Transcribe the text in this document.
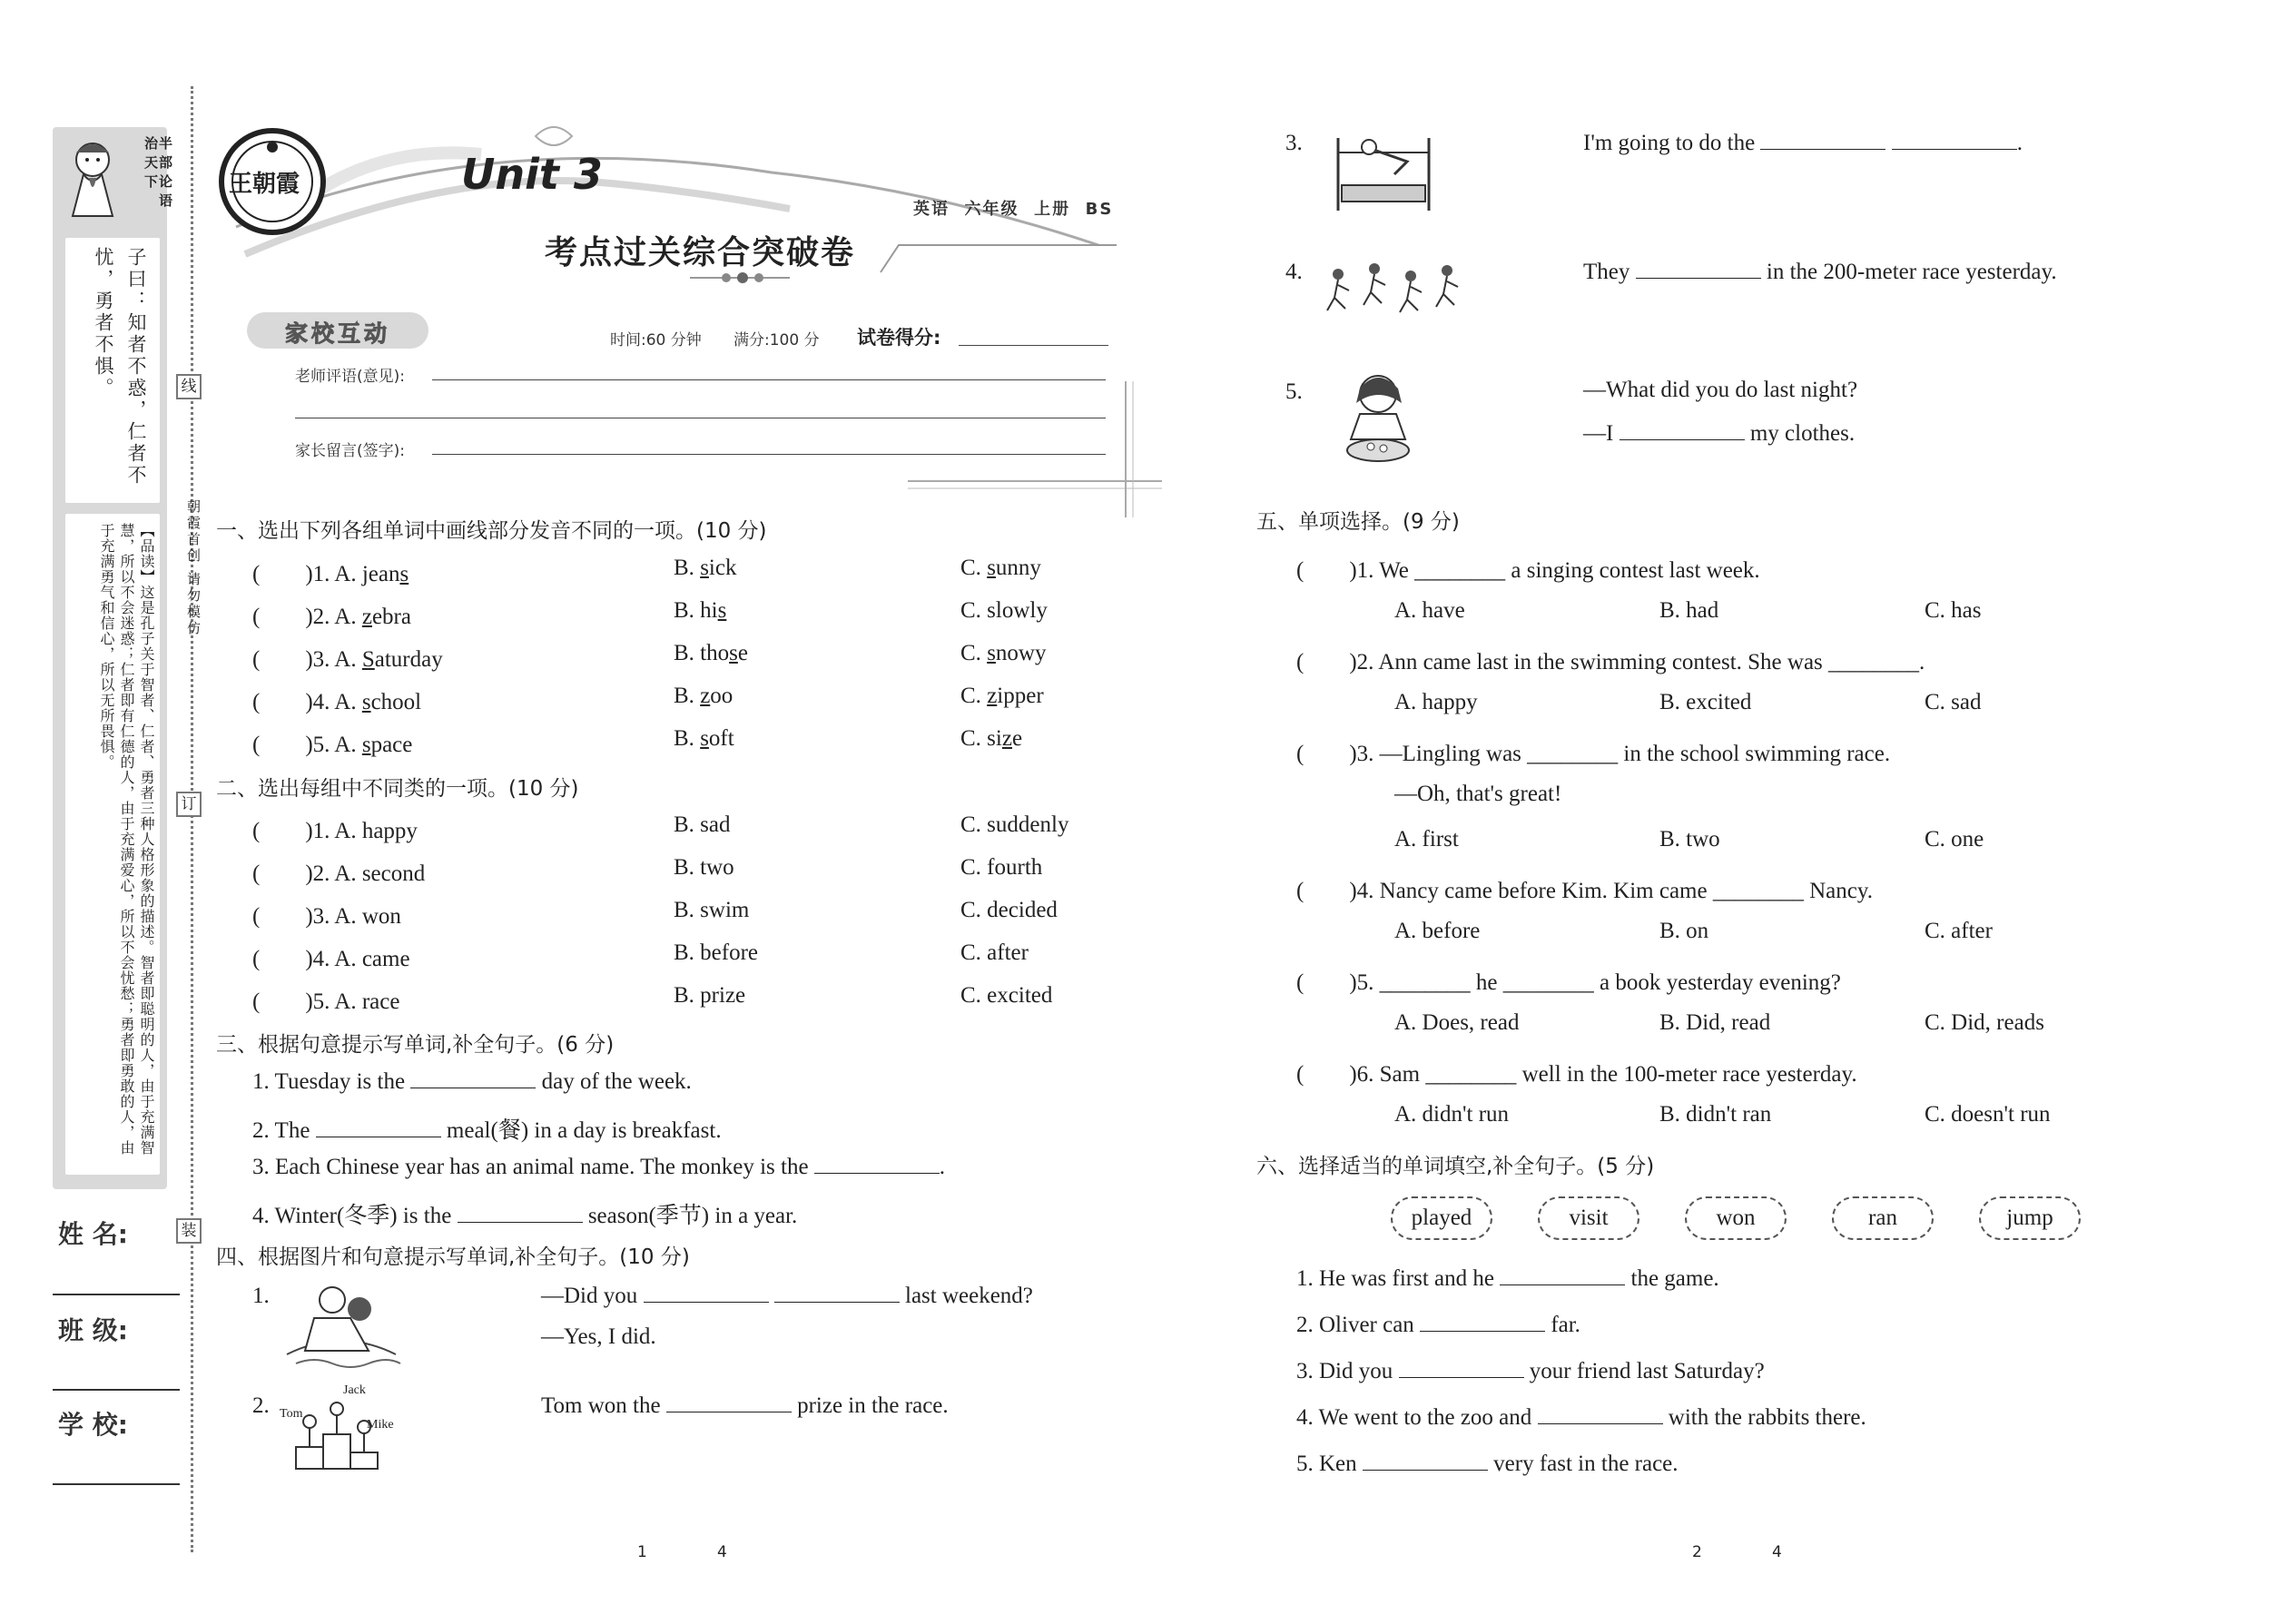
半部论语治天下
子曰：知者不惑，仁者不忧，勇者不惧。
【品读】这是孔子关于智者、仁者、勇者三种人格形象的描述。智者即聪明的人，由于充满智慧，所以不会迷惑；仁者即有仁德的人，由于充满爱心，所以不会忧愁；勇者即勇敢的人，由于充满勇气和信心，所以无所畏惧。
线
订
装
朝霞首创 请勿模仿
姓 名:
班 级:
学 校:
王朝霞	Unit 3
考点过关综合突破卷
英语  六年级  上册  BS
家校互动	时间:60 分钟 满分:100 分 试卷得分:
老师评语(意见):
家长留言(签字):
一、选出下列各组单词中画线部分发音不同的一项。(10 分)
(　　)1. A. jeans	B. sick	C. sunny
(　　)2. A. zebra	B. his	C. slowly
(　　)3. A. Saturday	B. those	C. snowy
(　　)4. A. school	B. zoo	C. zipper
(　　)5. A. space	B. soft	C. size
二、选出每组中不同类的一项。(10 分)
(　　)1. A. happy	B. sad	C. suddenly
(　　)2. A. second	B. two	C. fourth
(　　)3. A. won	B. swim	C. decided
(　　)4. A. came	B. before	C. after
(　　)5. A. race	B. prize	C. excited
三、根据句意提示写单词,补全句子。(6 分)
1. Tuesday is the	day of the week.
2. The	meal(餐) in a day is breakfast.
3. Each Chinese year has an animal name. The monkey is the	.
4. Winter(冬季) is the	season(季节) in a year.
四、根据图片和句意提示写单词,补全句子。(10 分)
1.	—Did you	last weekend?
—Yes, I did.
2. Tom
Jack
Mike
Tom won the	prize in the race.
3.	I'm going to do the	.
4.	They	in the 200-meter race yesterday.
5.	—What did you do last night?
—I	my clothes.
五、单项选择。(9 分)
(　　)1. We ________ a singing contest last week.
A. have	B. had	C. has
(　　)2. Ann came last in the swimming contest. She was ________.
A. happy	B. excited	C. sad
(　　)3. —Lingling was ________ in the school swimming race.
—Oh, that's great!
A. first	B. two	C. one
(　　)4. Nancy came before Kim. Kim came ________ Nancy.
A. before	B. on	C. after
(　　)5. ________ he ________ a book yesterday evening?
A. Does, read	B. Did, read	C. Did, reads
(　　)6. Sam ________ well in the 100-meter race yesterday.
A. didn't run	B. didn't ran	C. doesn't run
六、选择适当的单词填空,补全句子。(5 分)
played	visit	won	ran	jump
1. He was first and he	the game.
2. Oliver can	far.
3. Did you	your friend last Saturday?
4. We went to the zoo and	with the rabbits there.
5. Ken	very fast in the race.
1	4	2	4
